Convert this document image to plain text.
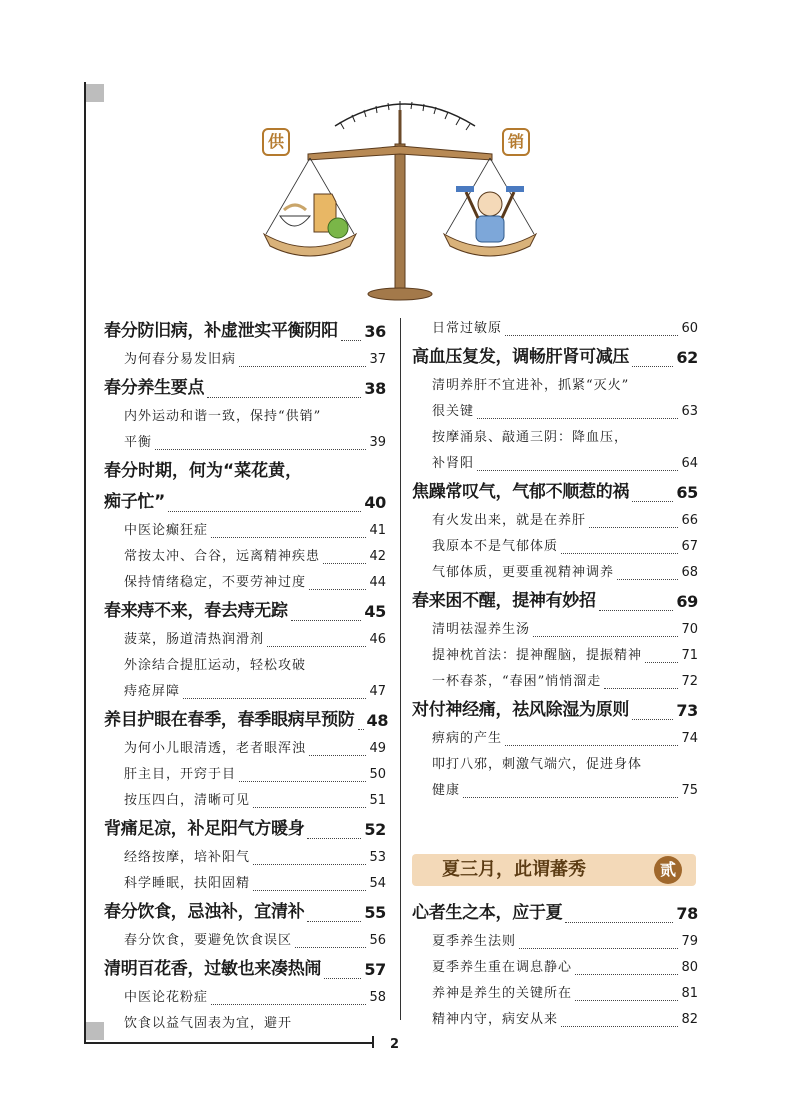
2
供	销
春分防旧病，补虚泄实平衡阴阳 36
为何春分易发旧病	37
春分养生要点	38
内外运动和谐一致，保持“供销”
平衡	39
春分时期，何为“菜花黄，
痴子忙”	40
中医论癫狂症	41
常按太冲、合谷，远离精神疾患	42
保持情绪稳定，不要劳神过度	44
春来痔不来，春去痔无踪	45
菠菜，肠道清热润滑剂	46
外涂结合提肛运动，轻松攻破
痔疮屏障	47
养目护眼在春季，春季眼病早预防 48
为何小儿眼清透，老者眼浑浊	49
肝主目，开窍于目	50
按压四白，清晰可见	51
背痛足凉，补足阳气方暖身	52
经络按摩，培补阳气	53
科学睡眠，扶阳固精	54
春分饮食，忌浊补，宜清补	55
春分饮食，要避免饮食误区	56
清明百花香，过敏也来凑热闹	57
中医论花粉症	58
饮食以益气固表为宜，避开
日常过敏原	60
高血压复发，调畅肝肾可减压	62
清明养肝不宜进补，抓紧“灭火”
很关键	63
按摩涌泉、敲通三阴：降血压，
补肾阳	64
焦躁常叹气，气郁不顺惹的祸	65
有火发出来，就是在养肝	66
我原本不是气郁体质	67
气郁体质，更要重视精神调养	68
春来困不醒，提神有妙招	69
清明祛湿养生汤	70
提神枕首法：提神醒脑，提振精神	71
一杯春茶，“春困”悄悄溜走	72
对付神经痛，祛风除湿为原则	73
痹病的产生	74
叩打八邪，刺激气端穴，促进身体
健康	75
夏三月，此谓蕃秀	贰
心者生之本，应于夏	78
夏季养生法则	79
夏季养生重在调息静心	80
养神是养生的关键所在	81
精神内守，病安从来	82
